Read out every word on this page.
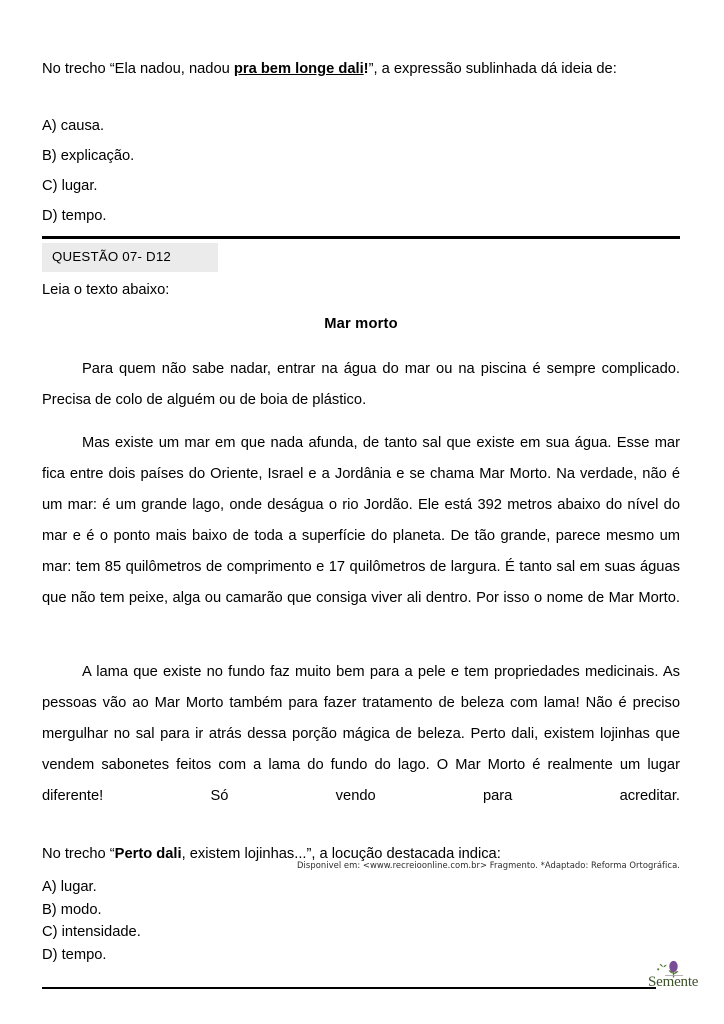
No trecho “Ela nadou, nadou pra bem longe dali!”, a expressão sublinhada dá ideia de:

A) causa.
B) explicação.
C) lugar.
D) tempo.
QUESTÃO 07- D12
Leia o texto abaixo:
Mar morto

Para quem não sabe nadar, entrar na água do mar ou na piscina é sempre complicado. Precisa de colo de alguém ou de boia de plástico.

Mas existe um mar em que nada afunda, de tanto sal que existe em sua água. Esse mar fica entre dois países do Oriente, Israel e a Jordânia e se chama Mar Morto. Na verdade, não é um mar: é um grande lago, onde deságua o rio Jordão. Ele está 392 metros abaixo do nível do mar e é o ponto mais baixo de toda a superfície do planeta. De tão grande, parece mesmo um mar: tem 85 quilômetros de comprimento e 17 quilômetros de largura. É tanto sal em suas águas que não tem peixe, alga ou camarão que consiga viver ali dentro. Por isso o nome de Mar Morto.

A lama que existe no fundo faz muito bem para a pele e tem propriedades medicinais. As pessoas vão ao Mar Morto também para fazer tratamento de beleza com lama! Não é preciso mergulhar no sal para ir atrás dessa porção mágica de beleza. Perto dali, existem lojinhas que vendem sabonetes feitos com a lama do fundo do lago. O Mar Morto é realmente um lugar diferente! Só vendo para acreditar.

Disponivel em: <www.recreioonline.com.br> Fragmento. *Adaptado: Reforma Ortográfica.

No trecho “Perto dali, existem lojinhas...”, a locução destacada indica:

A) lugar.
B) modo.
C) intensidade.
D) tempo.
Semente
